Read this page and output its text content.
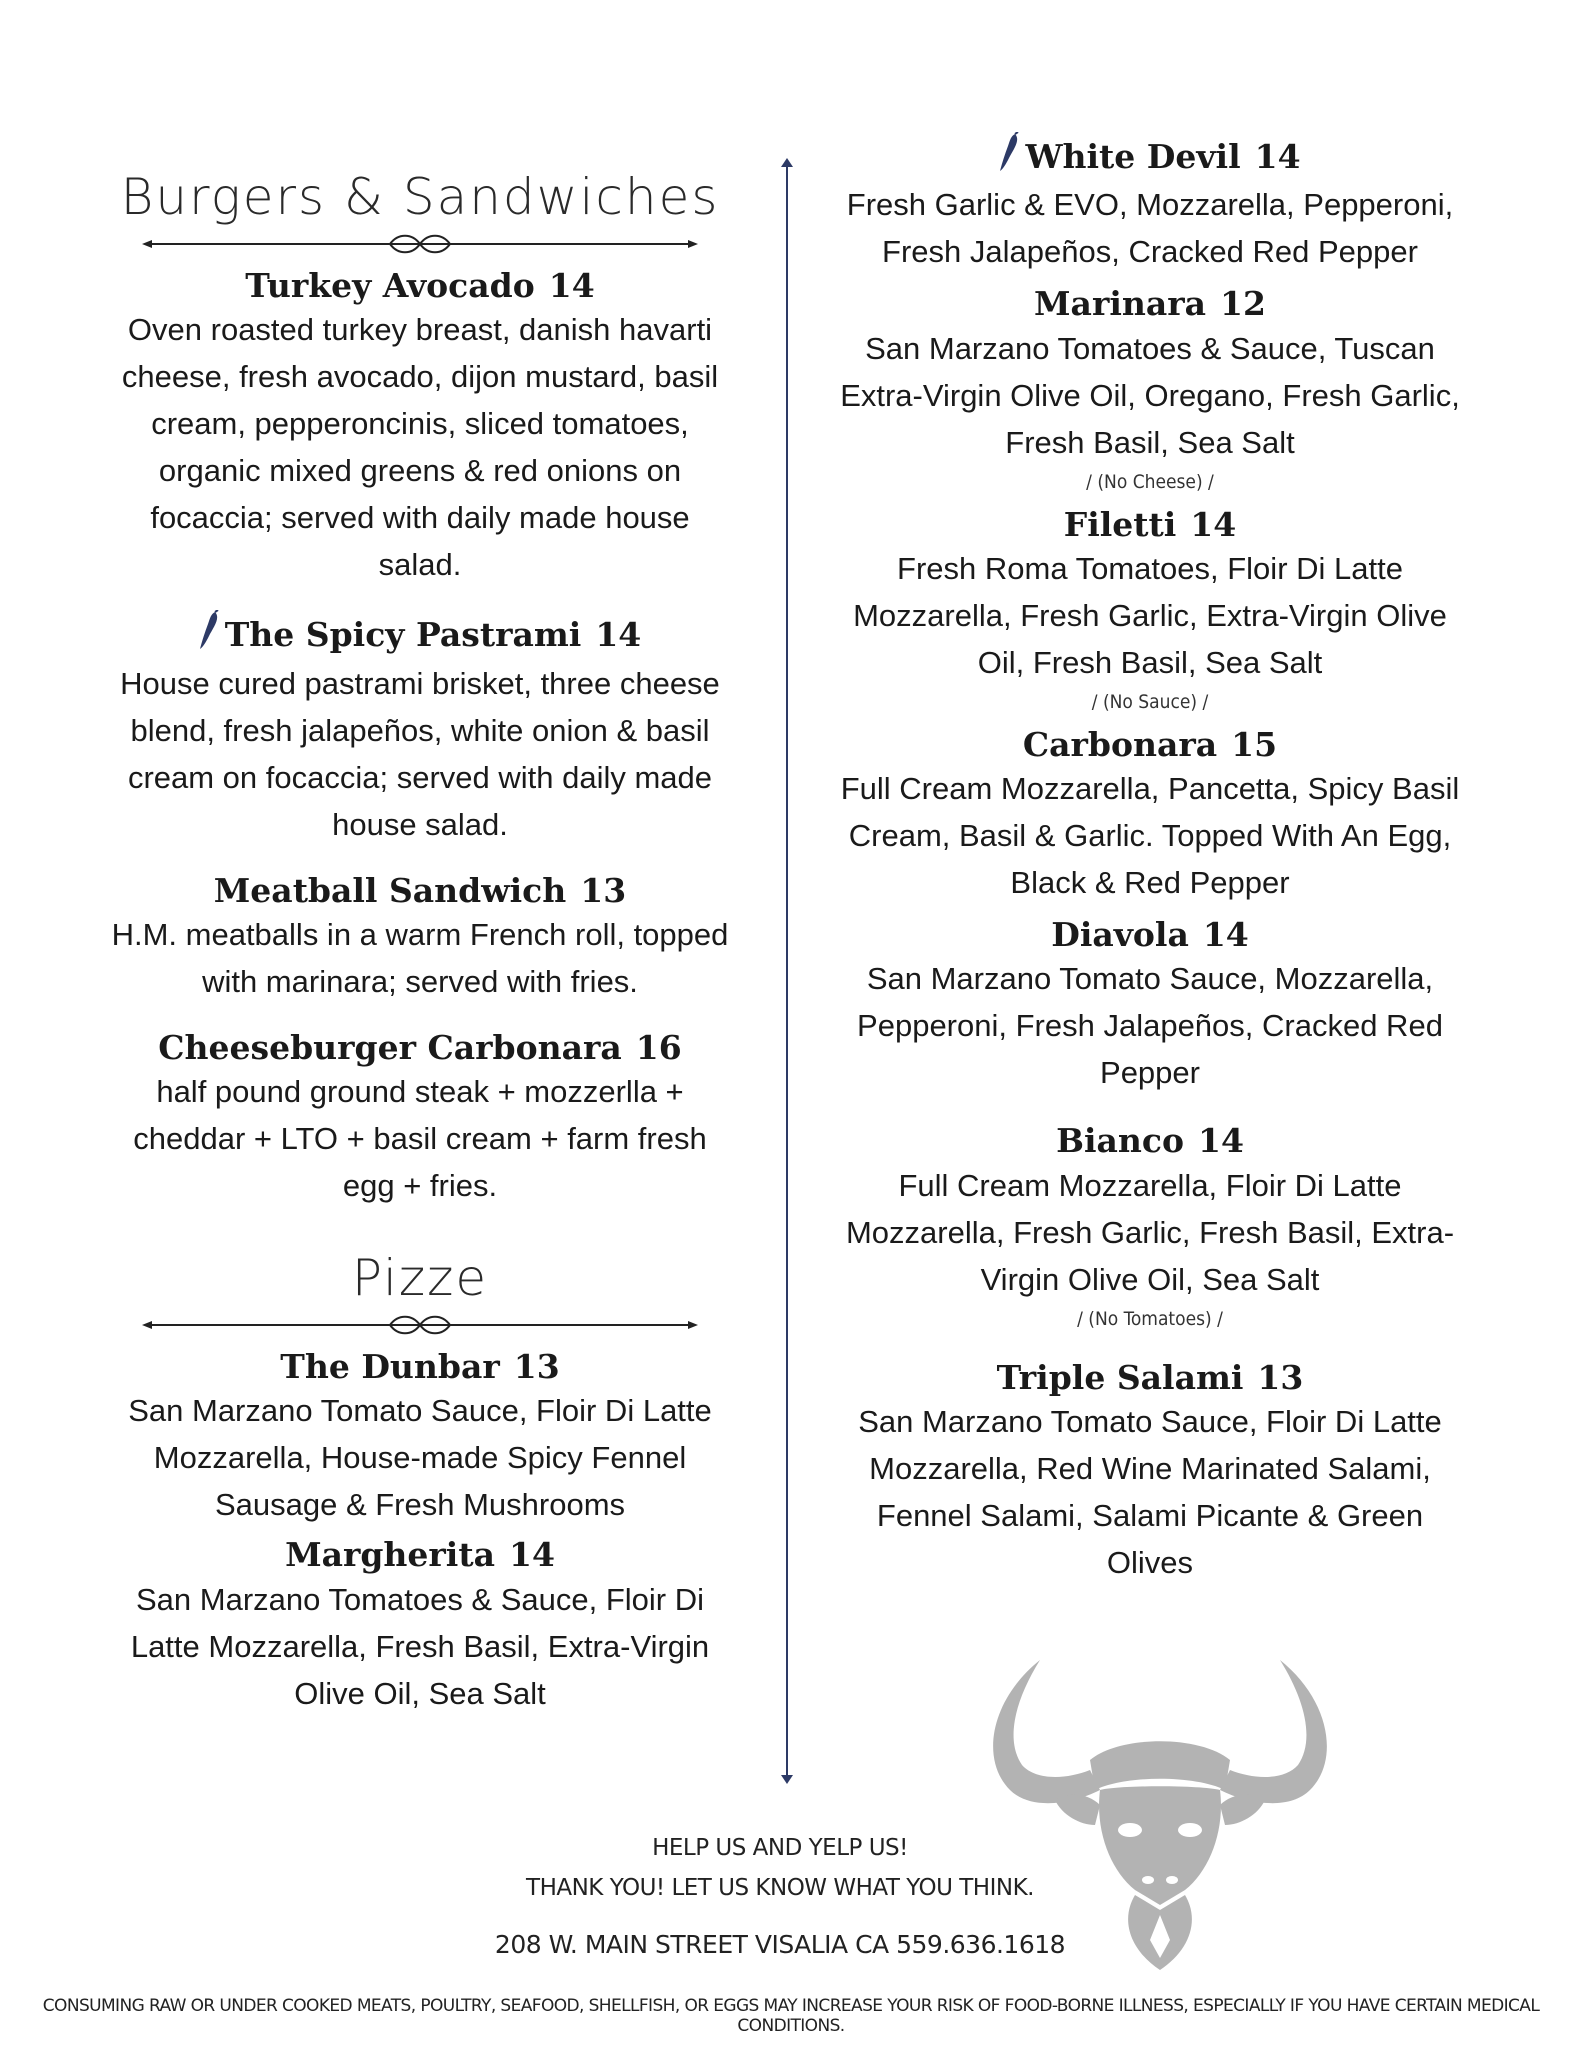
Burgers & Sandwiches
Turkey Avocado 14
Oven roasted turkey breast, danish havarti cheese, fresh avocado, dijon mustard, basil cream, pepperoncinis, sliced tomatoes, organic mixed greens & red onions on focaccia; served with daily made house salad.
The Spicy Pastrami 14
House cured pastrami brisket, three cheese blend, fresh jalapeños, white onion & basil cream on focaccia; served with daily made house salad.
Meatball Sandwich 13
H.M. meatballs in a warm French roll, topped with marinara; served with fries.
Cheeseburger Carbonara 16
half pound ground steak + mozzerlla + cheddar + LTO + basil cream + farm fresh egg + fries.
Pizze
The Dunbar 13
San Marzano Tomato Sauce, Floir Di Latte Mozzarella, House-made Spicy Fennel Sausage & Fresh Mushrooms
Margherita 14
San Marzano Tomatoes & Sauce, Floir Di Latte Mozzarella, Fresh Basil, Extra-Virgin Olive Oil, Sea Salt
White Devil 14
Fresh Garlic & EVO, Mozzarella, Pepperoni, Fresh Jalapeños, Cracked Red Pepper
Marinara 12
San Marzano Tomatoes & Sauce, Tuscan Extra-Virgin Olive Oil, Oregano, Fresh Garlic, Fresh Basil, Sea Salt
/ (No Cheese) /
Filetti 14
Fresh Roma Tomatoes, Floir Di Latte Mozzarella, Fresh Garlic, Extra-Virgin Olive Oil, Fresh Basil, Sea Salt
/ (No Sauce) /
Carbonara 15
Full Cream Mozzarella, Pancetta, Spicy Basil Cream, Basil & Garlic. Topped With An Egg, Black & Red Pepper
Diavola 14
San Marzano Tomato Sauce, Mozzarella, Pepperoni, Fresh Jalapeños, Cracked Red Pepper
Bianco 14
Full Cream Mozzarella, Floir Di Latte Mozzarella, Fresh Garlic, Fresh Basil, Extra-Virgin Olive Oil, Sea Salt
/ (No Tomatoes) /
Triple Salami 13
San Marzano Tomato Sauce, Floir Di Latte Mozzarella, Red Wine Marinated Salami, Fennel Salami, Salami Picante & Green Olives
HELP US AND YELP US!
THANK YOU! LET US KNOW WHAT YOU THINK.
208 W. MAIN STREET VISALIA CA 559.636.1618
CONSUMING RAW OR UNDER COOKED MEATS, POULTRY, SEAFOOD, SHELLFISH, OR EGGS MAY INCREASE YOUR RISK OF FOOD-BORNE ILLNESS, ESPECIALLY IF YOU HAVE CERTAIN MEDICAL CONDITIONS.
